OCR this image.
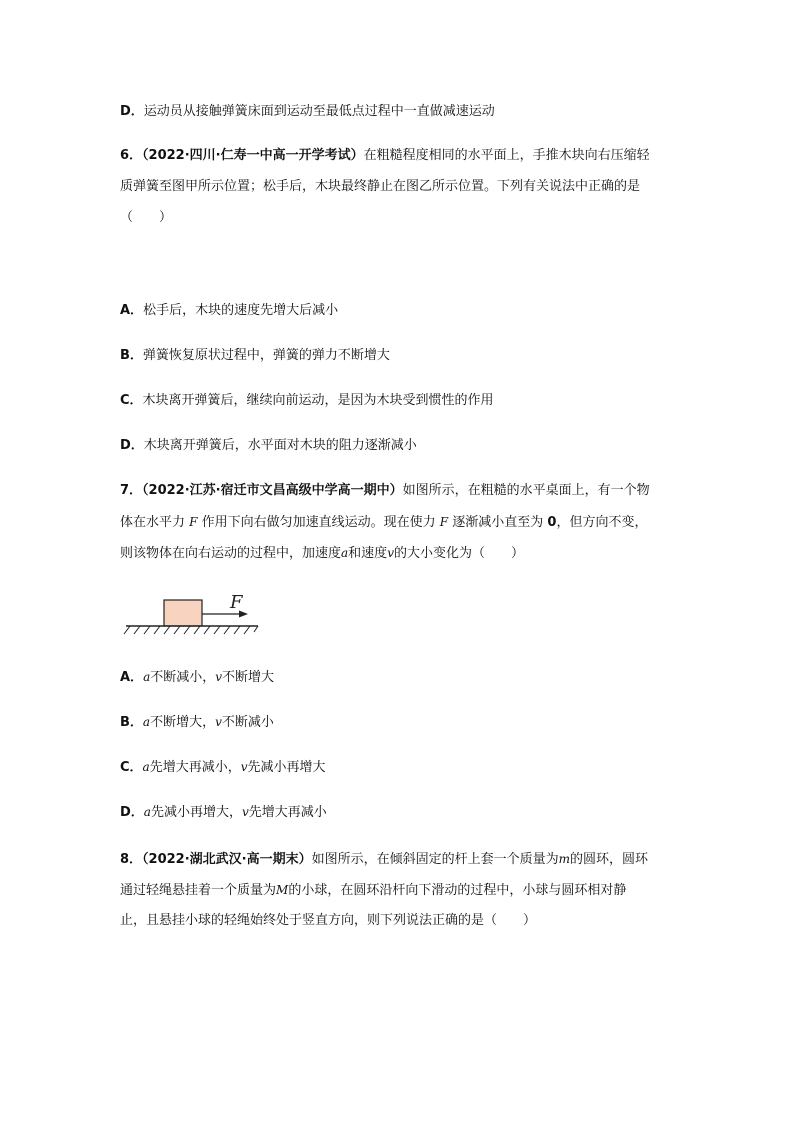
D．运动员从接触弹簧床面到运动至最低点过程中一直做减速运动
6．（2022·四川·仁寿一中高一开学考试）在粗糙程度相同的水平面上，手推木块向右压缩轻
质弹簧至图甲所示位置；松手后，木块最终静止在图乙所示位置。下列有关说法中正确的是
（　　）
A．松手后，木块的速度先增大后减小
B．弹簧恢复原状过程中，弹簧的弹力不断增大
C．木块离开弹簧后，继续向前运动，是因为木块受到惯性的作用
D．木块离开弹簧后，水平面对木块的阻力逐渐减小
7．（2022·江苏·宿迁市文昌高级中学高一期中）如图所示，在粗糙的水平桌面上，有一个物
体在水平力 F 作用下向右做匀加速直线运动。现在使力 F 逐渐减小直至为 0，但方向不变，
则该物体在向右运动的过程中，加速度a和速度v的大小变化为（　　）
F
A．a不断减小，v不断增大
B．a不断增大，v不断减小
C．a先增大再减小，v先减小再增大
D．a先减小再增大，v先增大再减小
8．（2022·湖北武汉·高一期末）如图所示，在倾斜固定的杆上套一个质量为m的圆环，圆环
通过轻绳悬挂着一个质量为M的小球，在圆环沿杆向下滑动的过程中，小球与圆环相对静
止，且悬挂小球的轻绳始终处于竖直方向，则下列说法正确的是（　　）
